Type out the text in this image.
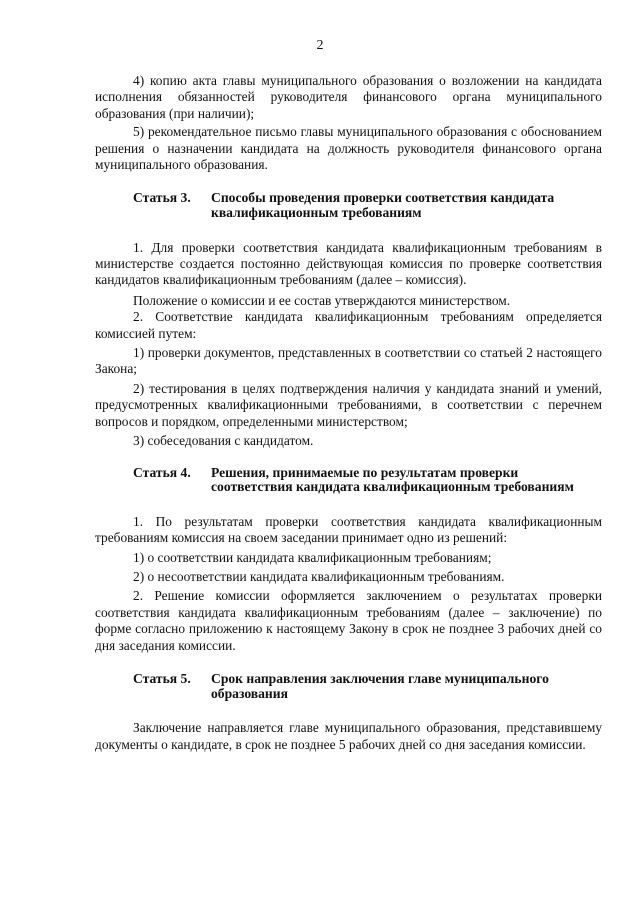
2

4) копию акта главы муниципального образования о возложении на кандидата исполнения обязанностей руководителя финансового органа муниципального образования (при наличии);

5) рекомендательное письмо главы муниципального образования с обоснованием решения о назначении кандидата на должность руководителя финансового органа муниципального образования.

Статья 3.	Способы проведения проверки соответствия кандидата квалификационным требованиям

1. Для проверки соответствия кандидата квалификационным требованиям в министерстве создается постоянно действующая комиссия по проверке соответствия кандидатов квалификационным требованиям (далее – комиссия).

Положение о комиссии и ее состав утверждаются министерством.

2. Соответствие кандидата квалификационным требованиям определяется комиссией путем:

1) проверки документов, представленных в соответствии со статьей 2 настоящего Закона;

2) тестирования в целях подтверждения наличия у кандидата знаний и умений, предусмотренных квалификационными требованиями, в соответствии с перечнем вопросов и порядком, определенными министерством;

3) собеседования с кандидатом.

Статья 4.	Решения, принимаемые по результатам проверки соответствия кандидата квалификационным требованиям

1. По результатам проверки соответствия кандидата квалификационным требованиям комиссия на своем заседании принимает одно из решений:

1) о соответствии кандидата квалификационным требованиям;

2) о несоответствии кандидата квалификационным требованиям.

2. Решение комиссии оформляется заключением о результатах проверки соответствия кандидата квалификационным требованиям (далее – заключение) по форме согласно приложению к настоящему Закону в срок не позднее 3 рабочих дней со дня заседания комиссии.

Статья 5.	Срок направления заключения главе муниципального образования

Заключение направляется главе муниципального образования, представившему документы о кандидате, в срок не позднее 5 рабочих дней со дня заседания комиссии.
